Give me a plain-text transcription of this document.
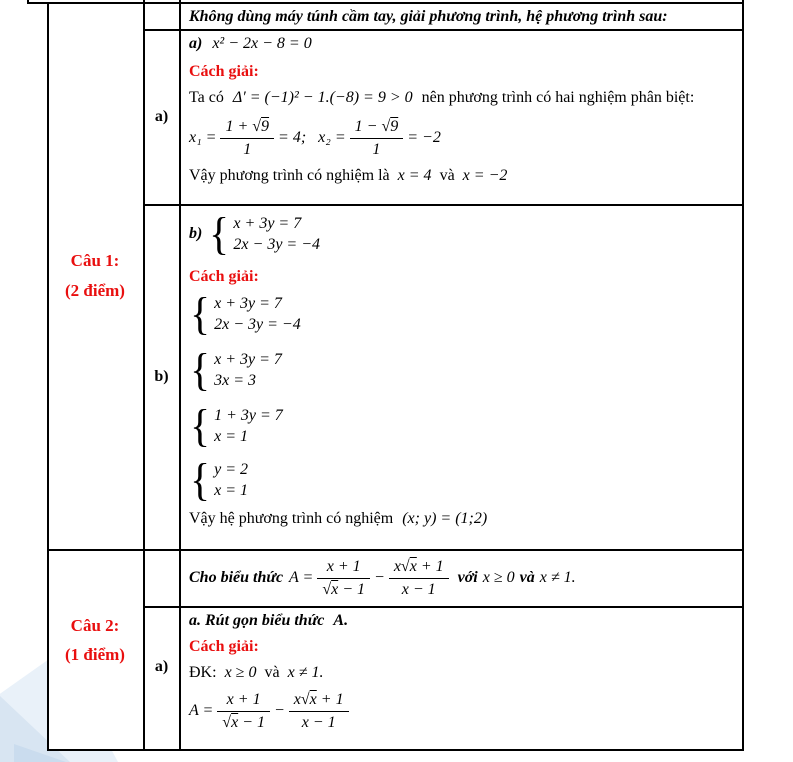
Câu 1:
(2 điểm)
Câu 2:
(1 điểm)
a)
b)
a)
Không dùng máy túnh cầm tay, giải phương trình, hệ phương trình sau:
a) x² − 2x − 8 = 0
Cách giải:
Ta có Δ′ = (−1)² − 1.(−8) = 9 > 0 nên phương trình có hai nghiệm phân biệt:
$x_1 = \frac{1 + √9}{1} = 4$; $x_2 = \frac{1 - √9}{1} = -2$
Vậy phương trình có nghiệm là x = 4 và x = −2
b) { x + 3y = 7
2x − 3y = −4
Cách giải:
{ x + 3y = 7
2x − 3y = −4
{ x + 3y = 7
3x = 3
{ 1 + 3y = 7
x = 1
{ y = 2
x = 1
Vậy hệ phương trình có nghiệm (x; y) = (1;2)
Cho biểu thức $A = \frac{x + 1}{√x - 1} - \frac{x√x + 1}{x - 1}$ với x ≥ 0 và x ≠ 1.
a. Rút gọn biểu thức A.
Cách giải:
ĐK: x ≥ 0 và x ≠ 1.
$A = \frac{x + 1}{√x - 1} - \frac{x√x + 1}{x - 1}$
